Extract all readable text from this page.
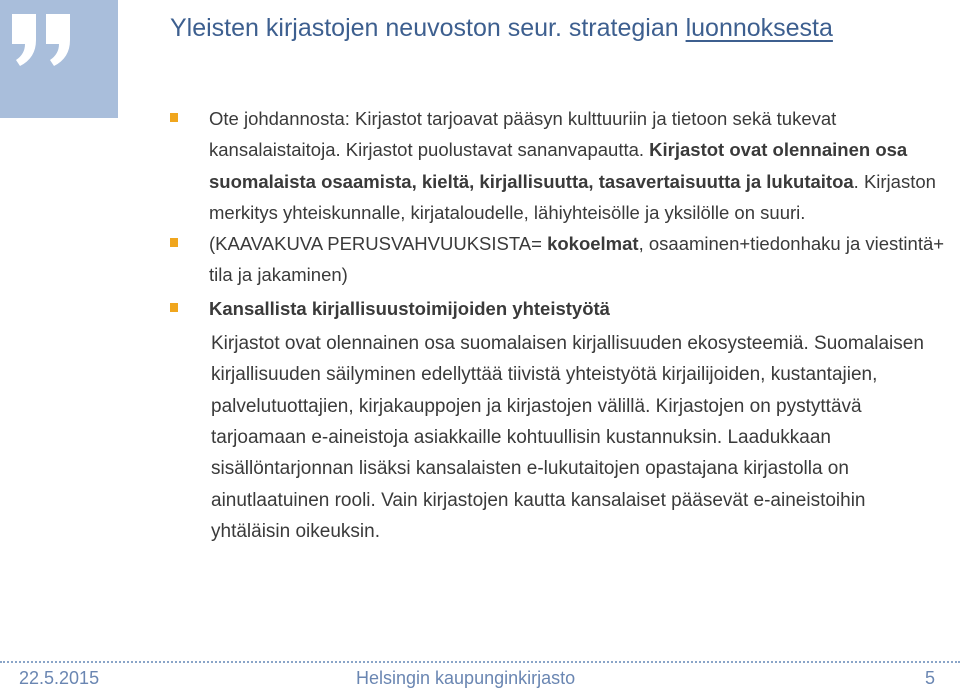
Yleisten kirjastojen neuvoston seur. strategian luonnoksesta
Ote johdannosta: Kirjastot tarjoavat pääsyn kulttuuriin ja tietoon sekä tukevat kansalaistaitoja. Kirjastot puolustavat sananvapautta. Kirjastot ovat olennainen osa suomalaista osaamista, kieltä, kirjallisuutta, tasavertaisuutta ja lukutaitoa. Kirjaston merkitys yhteiskunnalle, kirjataloudelle, lähiyhteisölle ja yksilölle on suuri.
(KAAVAKUVA PERUSVAHVUUKSISTA= kokoelmat, osaaminen+tiedonhaku ja viestintä+ tila ja jakaminen)
Kansallista kirjallisuustoimijoiden yhteistyötä
Kirjastot ovat olennainen osa suomalaisen kirjallisuuden ekosysteemiä. Suomalaisen kirjallisuuden säilyminen edellyttää tiivistä yhteistyötä kirjailijoiden, kustantajien, palvelutuottajien, kirjakauppojen ja kirjastojen välillä. Kirjastojen on pystyttävä tarjoamaan e-aineistoja asiakkaille kohtuullisin kustannuksin. Laadukkaan sisällöntarjonnan lisäksi kansalaisten e-lukutaitojen opastajana kirjastolla on ainutlaatuinen rooli. Vain kirjastojen kautta kansalaiset pääsevät e-aineistoihin yhtäläisin oikeuksin.
22.5.2015	Helsingin kaupunginkirjasto	5
